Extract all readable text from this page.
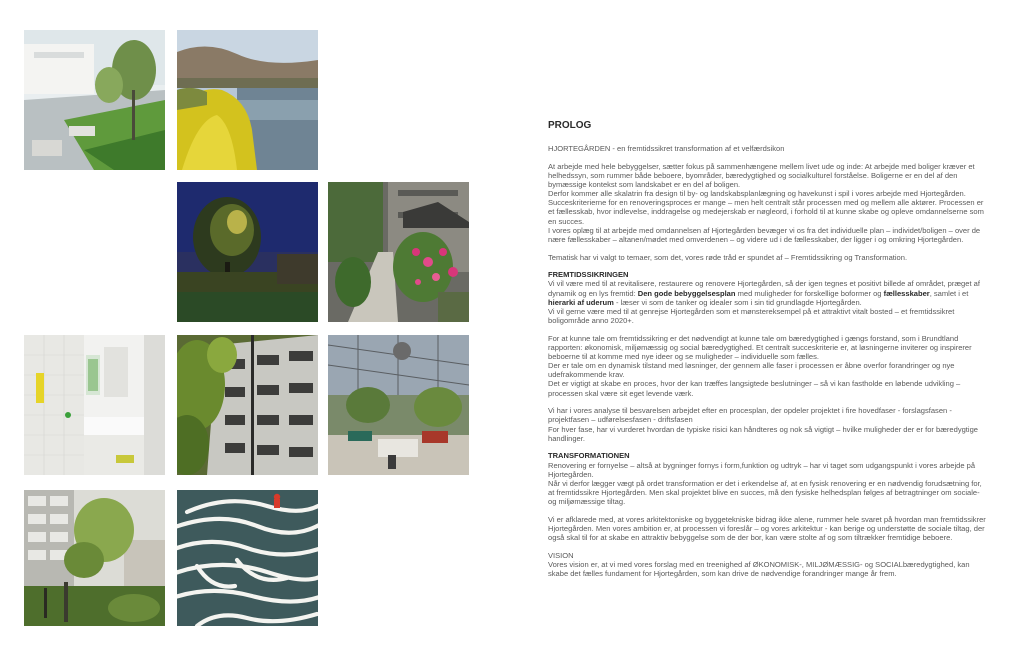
PROLOG

HJORTEGÅRDEN - en fremtidssikret transformation af et velfærdsikon

At arbejde med hele bebyggelser, sætter fokus på sammenhængene mellem livet ude og inde: At arbejde med boliger kræver et helhedssyn, som rummer både beboere, byområder, bæredygtighed og socialkulturel forståelse. Boligerne er en del af den bymæssige kontekst som landskabet er en del af boligen.
Derfor kommer alle skalatrin fra design til by- og landskabsplanlægning og havekunst i spil i vores arbejde med Hjortegården.
Succeskriterierne for en renoveringsproces er mange – men helt centralt står processen med og mellem alle aktører. Processen er et fællesskab, hvor indlevelse, inddragelse og medejerskab er nøgleord, i forhold til at kunne skabe og opleve omdannelserne som en succes.
I vores oplæg til at arbejde med omdannelsen af Hjortegården bevæger vi os fra det individuelle plan – individet/boligen – over de nære fællesskaber – altanen/mødet med omverdenen – og videre ud i de fællesskaber, der ligger i og omkring Hjortegården.

Tematisk har vi valgt to temaer, som det, vores røde tråd er spundet af – Fremtidssikring og Transformation.

FREMTIDSSIKRINGEN
Vi vil være med til at revitalisere, restaurere og renovere Hjortegården, så der igen tegnes et positivt billede af området, præget af dynamik og en lys fremtid: Den gode bebyggelsesplan med muligheder for forskellige boformer og fællesskaber, samlet i et hierarki af uderum - læser vi som de tanker og idealer som i sin tid grundlagde Hjortegården.
Vi vil gerne være med til at genrejse Hjortegården som et mønstereksempel på et attraktivt vitalt bosted – et fremtidssikret boligområde anno 2020+.

For at kunne tale om fremtidssikring er det nødvendigt at kunne tale om bæredygtighed i gængs forstand, som i Brundtland rapporten: økonomisk, miljømæssig og social bæredygtighed. Et centralt succeskriterie er, at løsningerne inviterer og inspirerer beboerne til at komme med nye ideer og se muligheder – individuelle som fælles.
Der er tale om en dynamisk tilstand med løsninger, der gennem alle faser i processen er åbne overfor forandringer og nye udefrakommende krav.
Det er vigtigt at skabe en proces, hvor der kan træffes langsigtede beslutninger – så vi kan fastholde en løbende udvikling – processen skal være sit eget levende værk.

Vi har i vores analyse til besvarelsen arbejdet efter en procesplan, der opdeler projektet i fire hovedfaser - forslagsfasen - projektfasen – udførelsesfasen - driftsfasen
For hver fase, har vi vurderet hvordan de typiske risici kan håndteres og nok så vigtigt – hvilke muligheder der er for bæredygtige handlinger.

TRANSFORMATIONEN
Renovering er fornyelse – altså at bygninger fornys i form,funktion og udtryk – har vi taget som udgangspunkt i vores arbejde på Hjortegården.
Når vi derfor lægger vægt på ordet transformation er det i erkendelse af, at en fysisk renovering er en nødvendig forudsætning for, at fremtidssikre Hjortegården. Men skal projektet blive en succes, må den fysiske helhedsplan følges af betragtninger om sociale- og miljømæssige tiltag.

Vi er afklarede med, at vores arkitektoniske og byggetekniske bidrag ikke alene, rummer hele svaret på hvordan man fremtidssikrer Hjortegården. Men vores ambition er, at processen vi foreslår – og vores arkitektur - kan berige og understøtte de sociale tiltag, der også skal til for at skabe en attraktiv bebyggelse som de der bor, kan være stolte af og som tiltrækker fremtidige beboere.

VISION
Vores vision er, at vi med vores forslag med en treenighed af ØKONOMISK-, MILJØMÆSSIG- og SOCIALbæredygtighed, kan skabe det fælles fundament for Hjortegården, som kan drive de nødvendige forandringer mange år frem.
